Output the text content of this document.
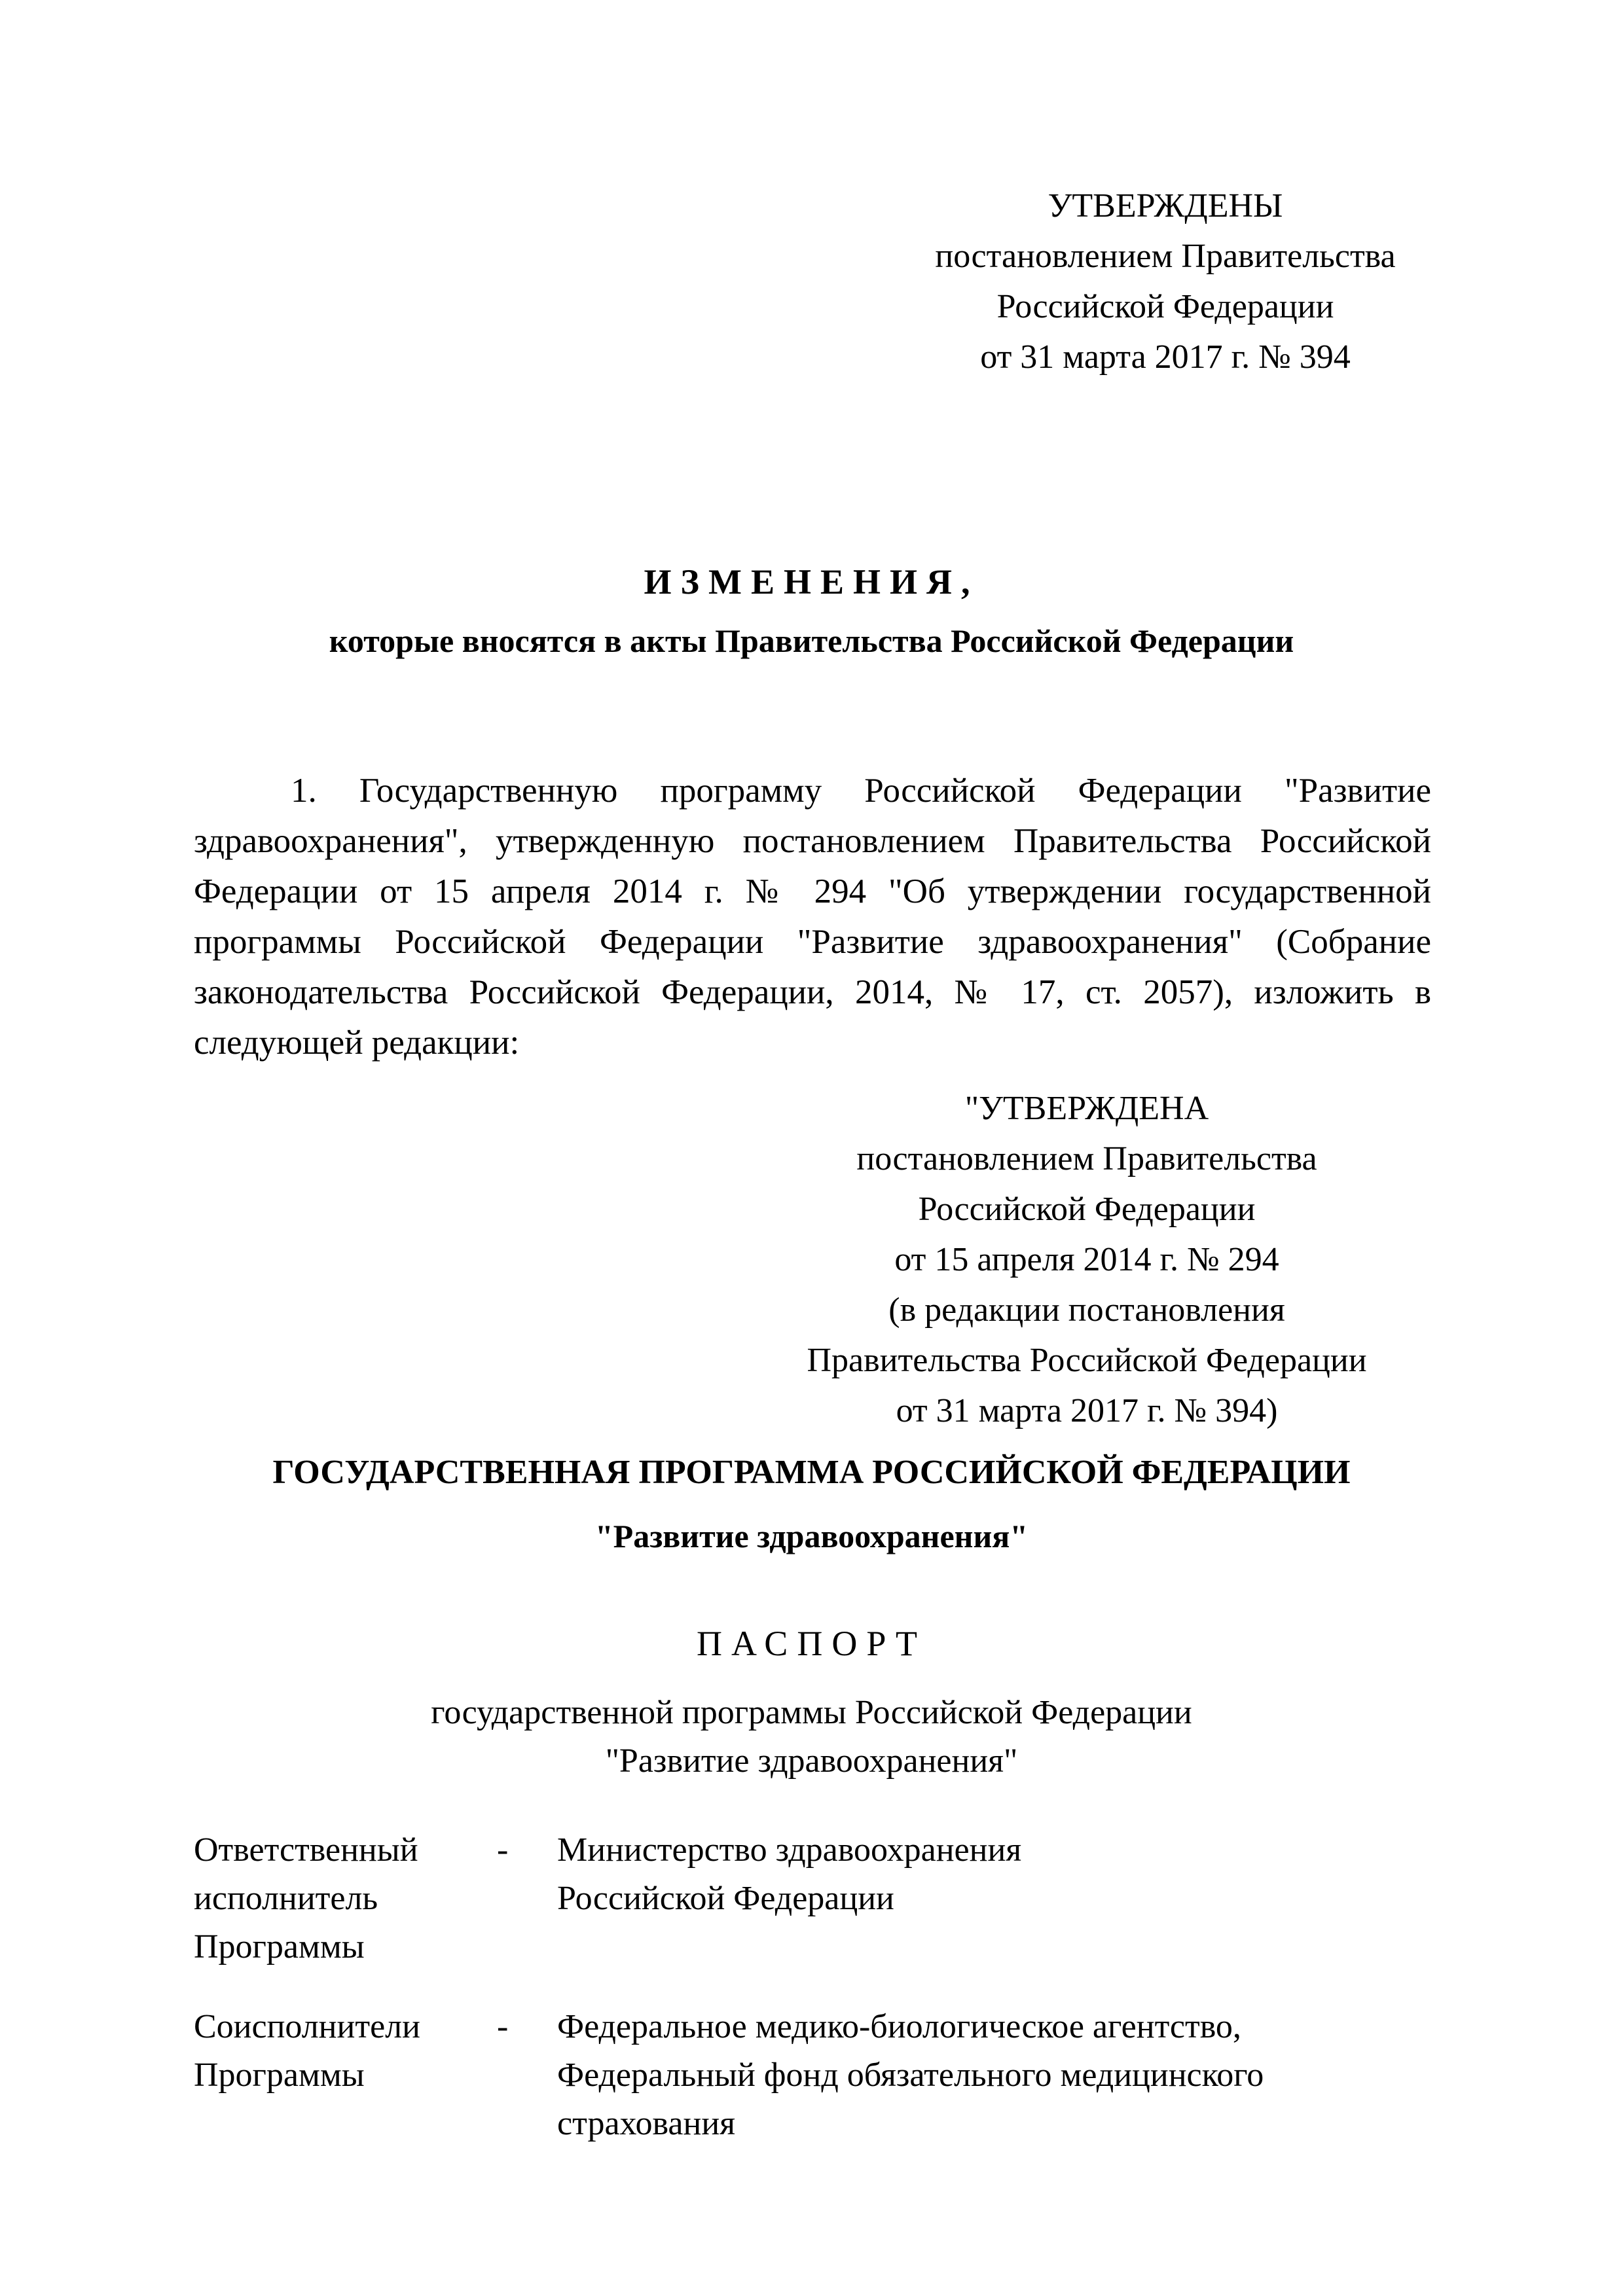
УТВЕРЖДЕНЫ
постановлением Правительства
Российской Федерации
от 31 марта 2017 г. № 394
ИЗМЕНЕНИЯ,
которые вносятся в акты Правительства Российской Федерации
1. Государственную программу Российской Федерации "Развитие здравоохранения", утвержденную постановлением Правительства Российской Федерации от 15 апреля 2014 г. № 294 "Об утверждении государственной программы Российской Федерации "Развитие здравоохранения" (Собрание законодательства Российской Федерации, 2014, № 17, ст. 2057), изложить в следующей редакции:
"УТВЕРЖДЕНА
постановлением Правительства
Российской Федерации
от 15 апреля 2014 г. № 294
(в редакции постановления
Правительства Российской Федерации
от 31 марта 2017 г. № 394)
ГОСУДАРСТВЕННАЯ ПРОГРАММА РОССИЙСКОЙ ФЕДЕРАЦИИ
"Развитие здравоохранения"
ПАСПОРТ
государственной программы Российской Федерации
"Развитие здравоохранения"
Ответственный
исполнитель
Программы
-	Министерство здравоохранения
Российской Федерации
Соисполнители
Программы
-	Федеральное медико-биологическое агентство,
Федеральный фонд обязательного медицинского
страхования
